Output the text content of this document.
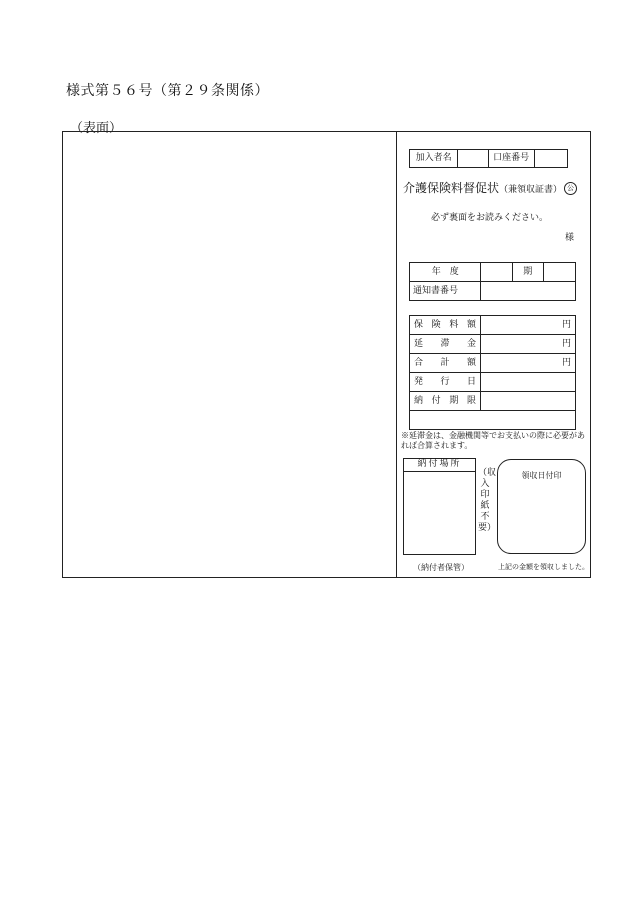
様式第５６号（第２９条関係）
（表面）
加入者名		口座番号	
介護保険料督促状（兼領収証書） 公
必ず裏面をお読みください。
様
年　度		期	
通知書番号			
保険料額	円

延滞金	円

合計額	円

発行日	

納付期限	

※延滞金は、金融機関等でお支払いの際に必要があれば合算されます。
納付場所
（収入印紙不要）
領収日付印
（納付者保管）	上記の金額を領収しました。
